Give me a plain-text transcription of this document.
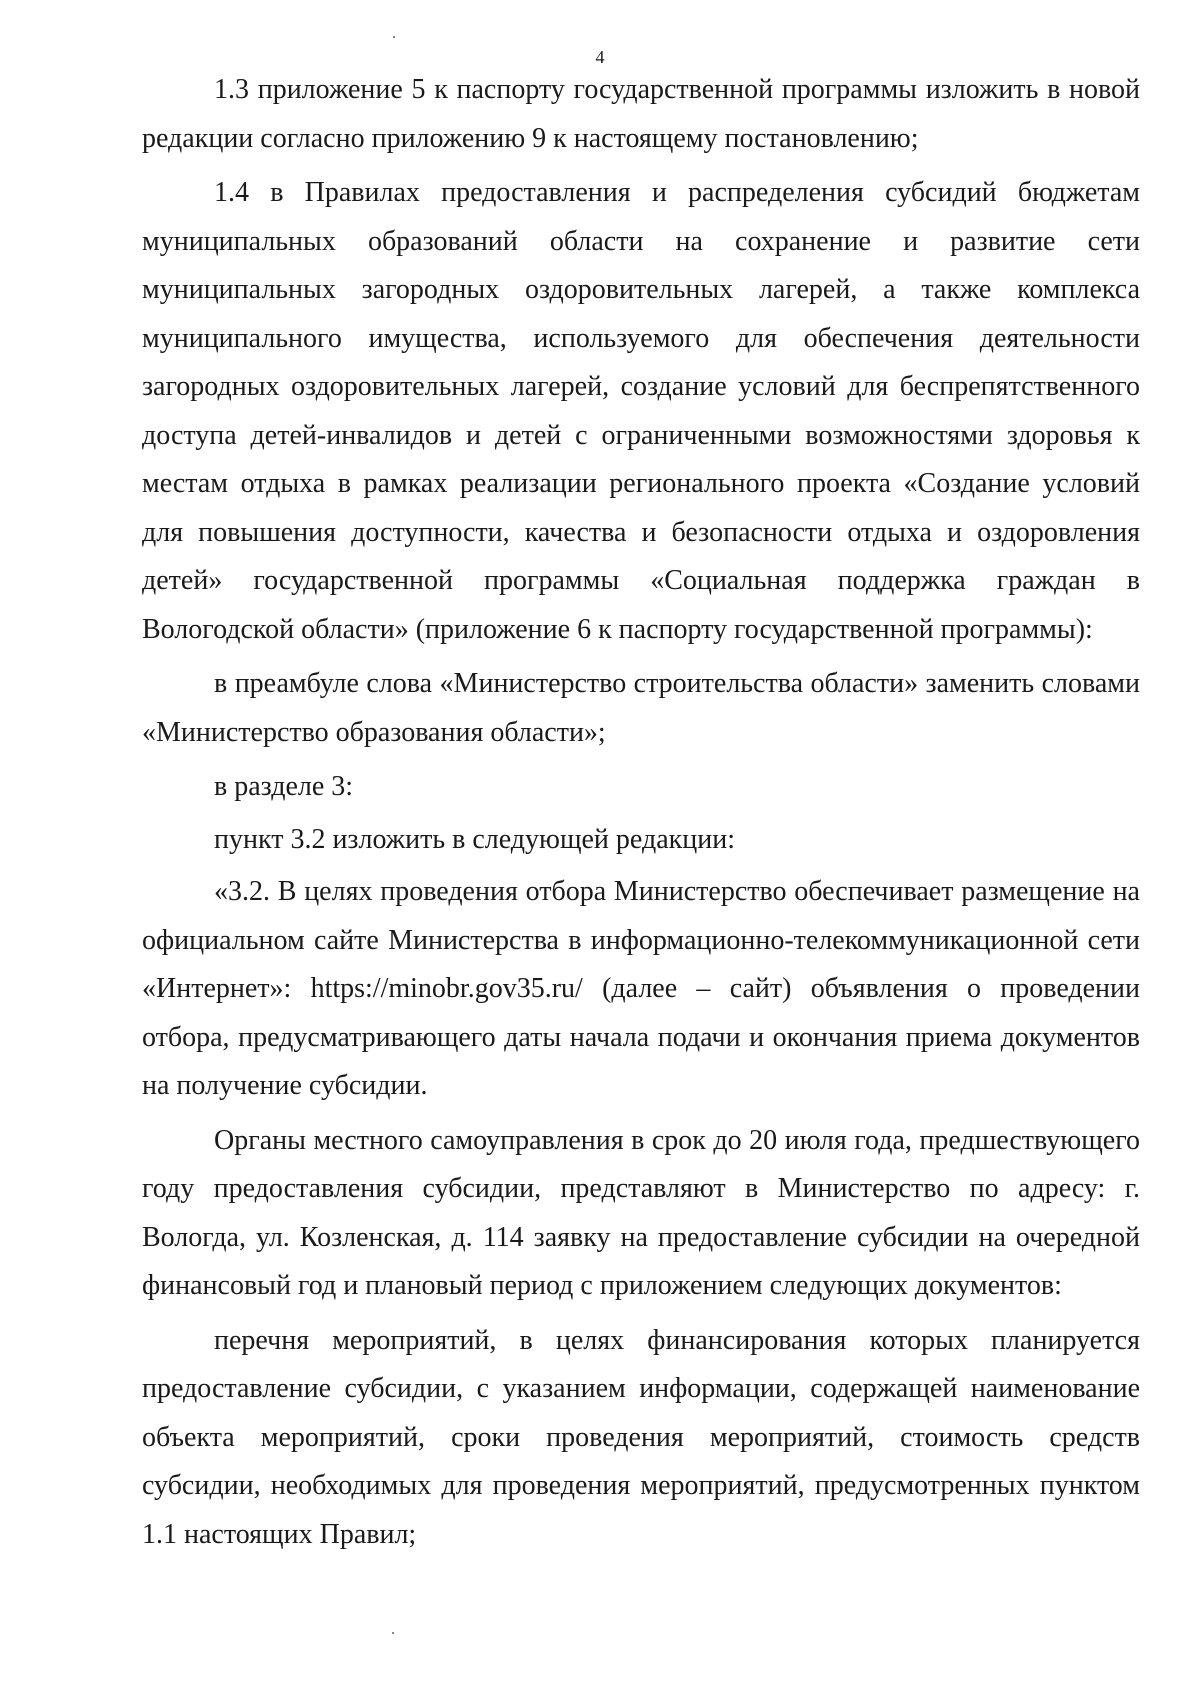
4

1.3 приложение 5 к паспорту государственной программы изложить в новой редакции согласно приложению 9 к настоящему постановлению;

1.4 в Правилах предоставления и распределения субсидий бюджетам муниципальных образований области на сохранение и развитие сети муниципальных загородных оздоровительных лагерей, а также комплекса муниципального имущества, используемого для обеспечения деятельности загородных оздоровительных лагерей, создание условий для беспрепятственного доступа детей-инвалидов и детей с ограниченными возможностями здоровья к местам отдыха в рамках реализации регионального проекта «Создание условий для повышения доступности, качества и безопасности отдыха и оздоровления детей» государственной программы «Социальная поддержка граждан в Вологодской области» (приложение 6 к паспорту государственной программы):

в преамбуле слова «Министерство строительства области» заменить словами «Министерство образования области»;

в разделе 3:

пункт 3.2 изложить в следующей редакции:

«3.2. В целях проведения отбора Министерство обеспечивает размещение на официальном сайте Министерства в информационно-телекоммуникационной сети «Интернет»: https://minobr.gov35.ru/ (далее – сайт) объявления о проведении отбора, предусматривающего даты начала подачи и окончания приема документов на получение субсидии.

Органы местного самоуправления в срок до 20 июля года, предшествующего году предоставления субсидии, представляют в Министерство по адресу: г. Вологда, ул. Козленская, д. 114 заявку на предоставление субсидии на очередной финансовый год и плановый период с приложением следующих документов:

перечня мероприятий, в целях финансирования которых планируется предоставление субсидии, с указанием информации, содержащей наименование объекта мероприятий, сроки проведения мероприятий, стоимость средств субсидии, необходимых для проведения мероприятий, предусмотренных пунктом 1.1 настоящих Правил;
